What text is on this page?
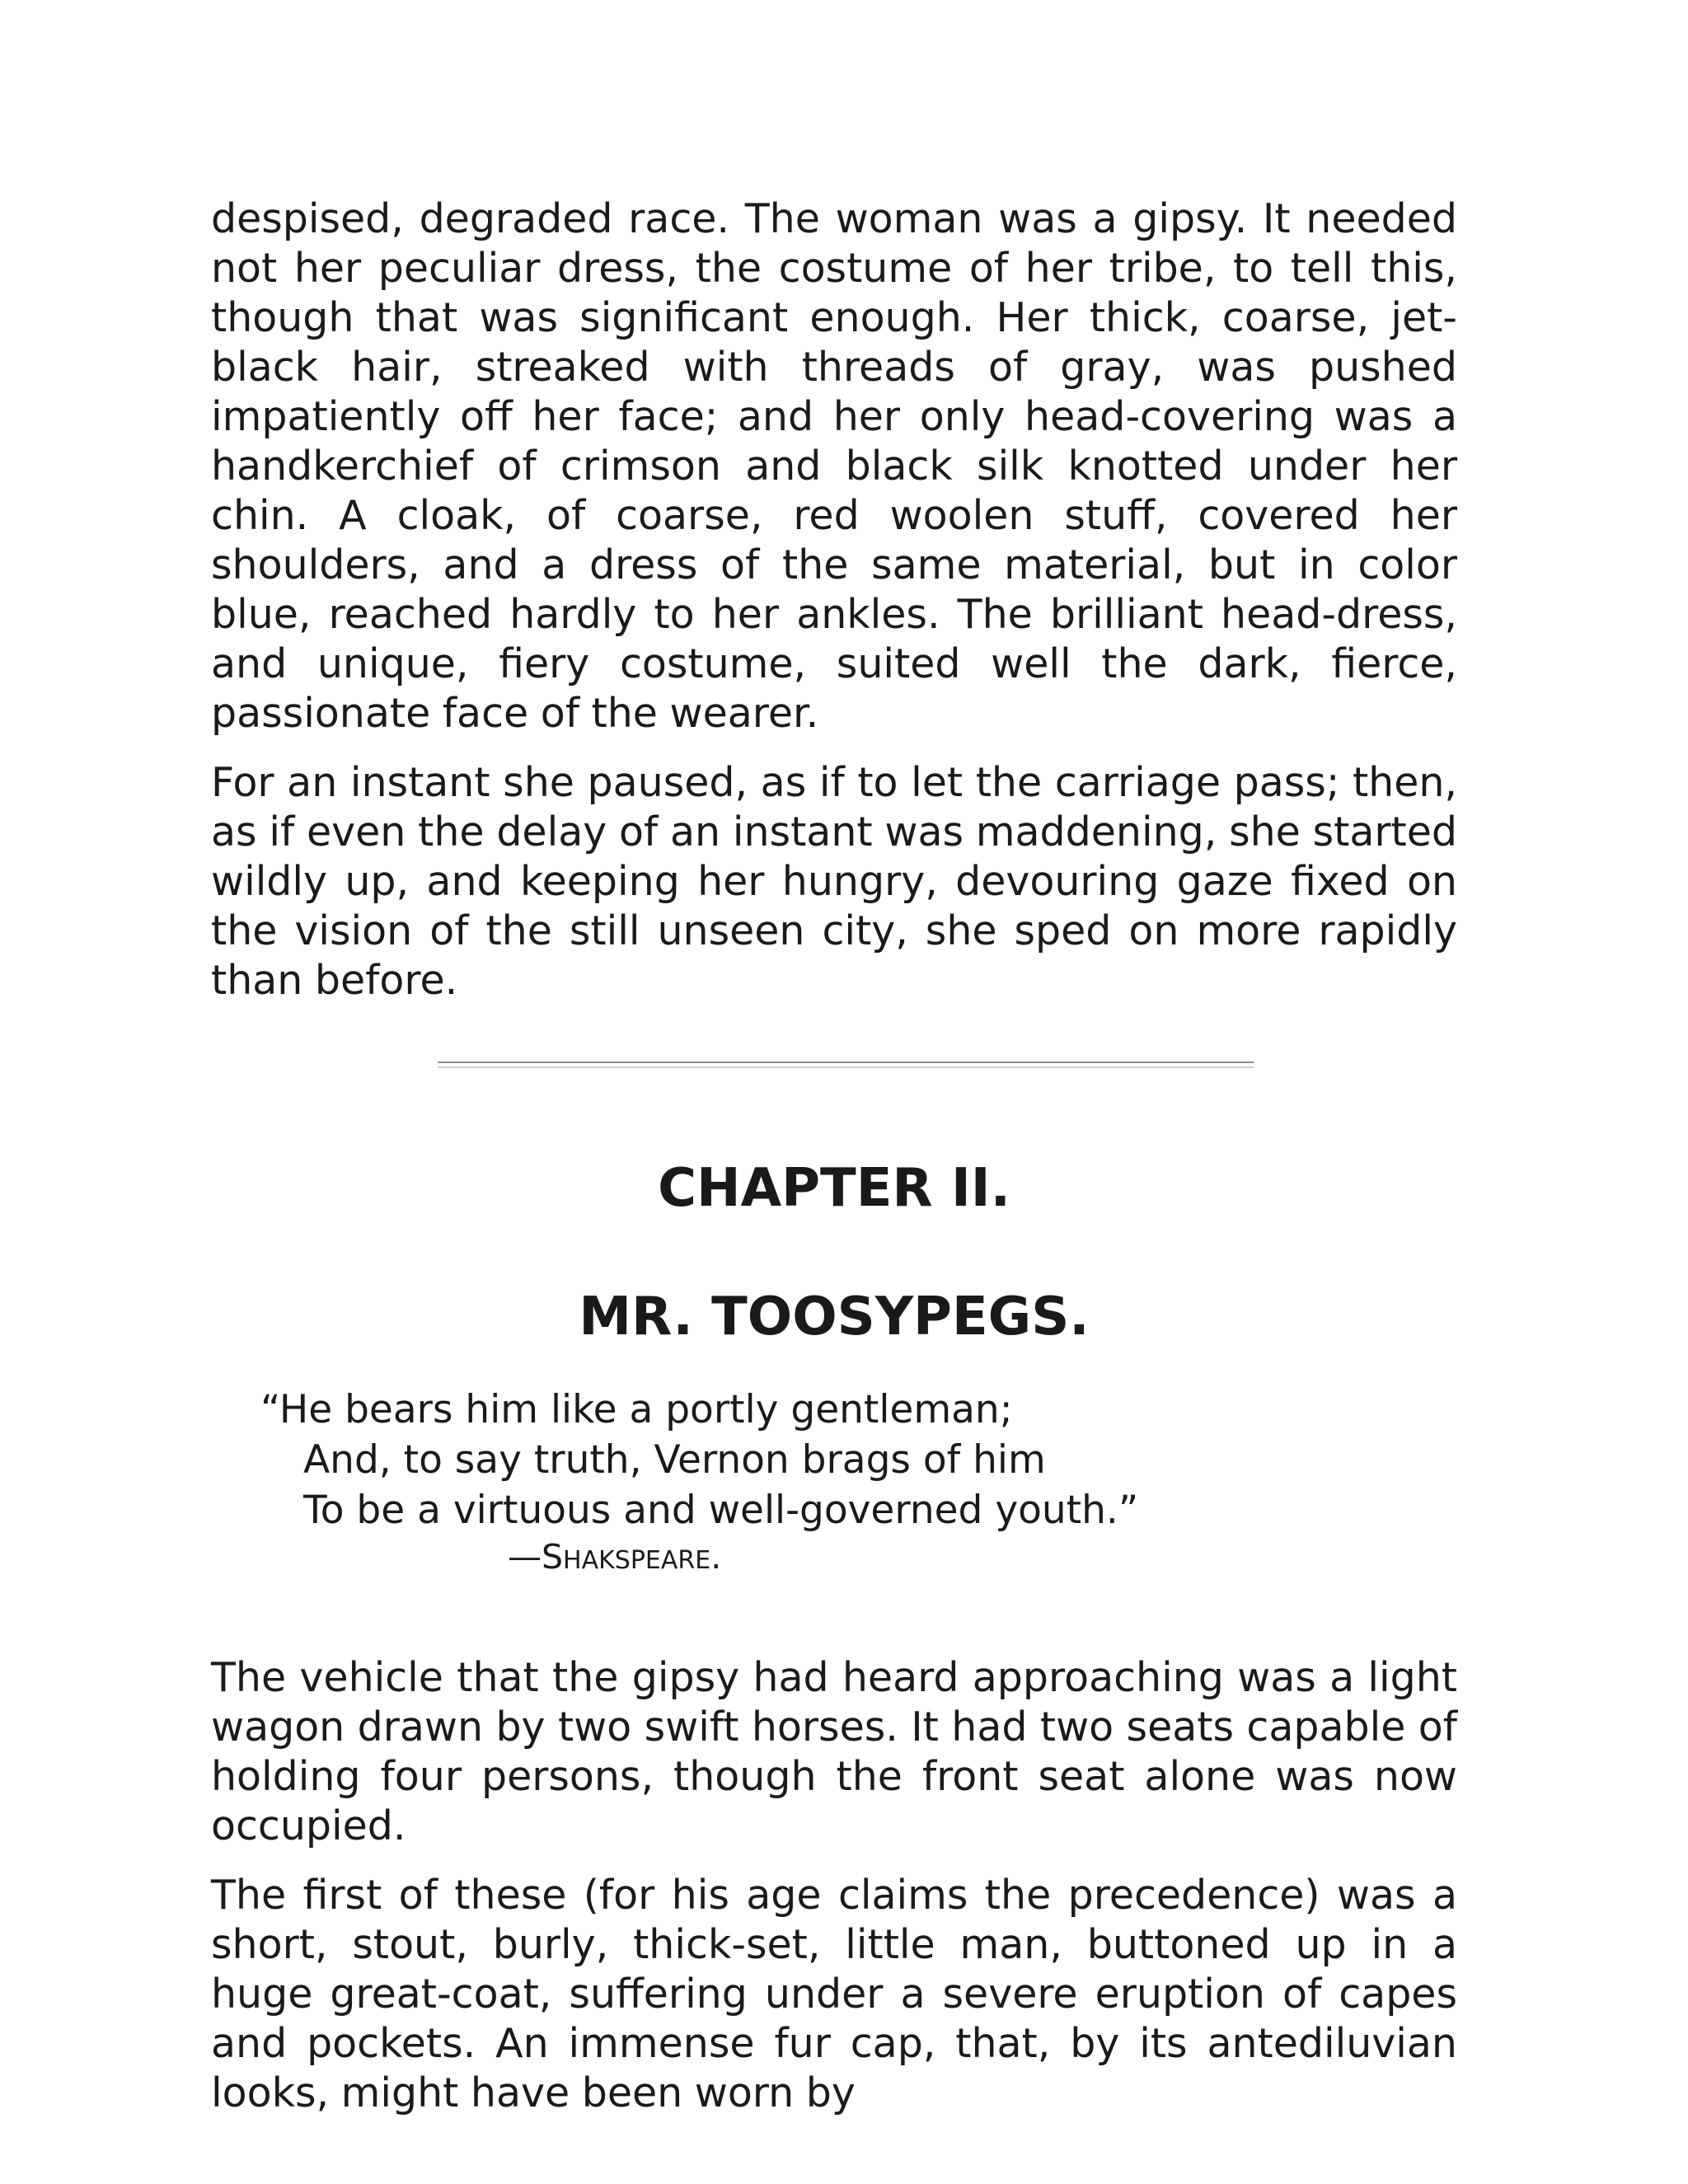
despised, degraded race. The woman was a gipsy. It needed not her peculiar dress, the costume of her tribe, to tell this, though that was significant enough. Her thick, coarse, jet-black hair, streaked with threads of gray, was pushed impatiently off her face; and her only head-covering was a handkerchief of crimson and black silk knotted under her chin. A cloak, of coarse, red woolen stuff, covered her shoulders, and a dress of the same material, but in color blue, reached hardly to her ankles. The brilliant head-dress, and unique, fiery costume, suited well the dark, fierce, passionate face of the wearer.

For an instant she paused, as if to let the carriage pass; then, as if even the delay of an instant was maddening, she started wildly up, and keeping her hungry, devouring gaze fixed on the vision of the still unseen city, she sped on more rapidly than before.

CHAPTER II.
MR. TOOSYPEGS.
“He bears him like a portly gentleman;
And, to say truth, Vernon brags of him
To be a virtuous and well-governed youth.”
—SHAKSPEARE.

The vehicle that the gipsy had heard approaching was a light wagon drawn by two swift horses. It had two seats capable of holding four persons, though the front seat alone was now occupied.

The first of these (for his age claims the precedence) was a short, stout, burly, thick-set, little man, buttoned up in a huge great-coat, suffering under a severe eruption of capes and pockets. An immense fur cap, that, by its antediluvian looks, might have been worn by
